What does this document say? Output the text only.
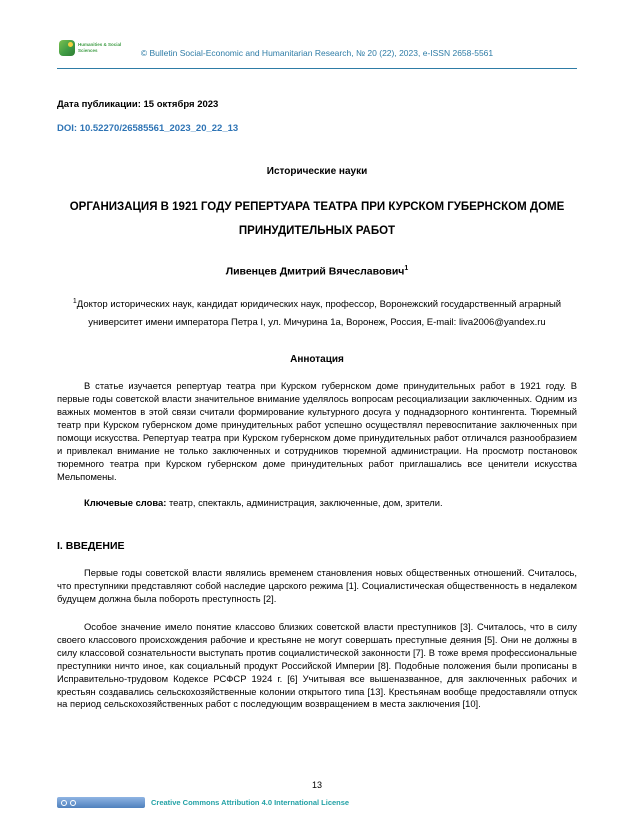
Humanities & Social
Sciences	© Bulletin Social-Economic and Humanitarian Research, № 20 (22), 2023, e-ISSN 2658-5561
Дата публикации: 15 октября 2023
DOI: 10.52270/26585561_2023_20_22_13
Исторические науки
ОРГАНИЗАЦИЯ В 1921 ГОДУ РЕПЕРТУАРА ТЕАТРА ПРИ КУРСКОМ ГУБЕРНСКОМ ДОМЕ ПРИНУДИТЕЛЬНЫХ РАБОТ
Ливенцев Дмитрий Вячеславович$^1$
$^1$Доктор исторических наук, кандидат юридических наук, профессор, Воронежский государственный аграрный университет имени императора Петра I, ул. Мичурина 1а, Воронеж, Россия, E-mail: liva2006@yandex.ru
Аннотация
В статье изучается репертуар театра при Курском губернском доме принудительных работ в 1921 году. В первые годы советской власти значительное внимание уделялось вопросам ресоциализации заключенных. Одним из важных моментов в этой связи считали формирование культурного досуга у поднадзорного контингента. Тюремный театр при Курском губернском доме принудительных работ успешно осуществлял перевоспитание заключенных при помощи искусства. Репертуар театра при Курском губернском доме принудительных работ отличался разнообразием и привлекал внимание не только заключенных и сотрудников тюремной администрации. На просмотр постановок тюремного театра при Курском губернском доме принудительных работ приглашались все ценители искусства Мельпомены.
Ключевые слова: театр, спектакль, администрация, заключенные, дом, зрители.
I. ВВЕДЕНИЕ
Первые годы советской власти являлись временем становления новых общественных отношений. Считалось, что преступники представляют собой наследие царского режима [1]. Социалистическая общественность в недалеком будущем должна была побороть преступность [2].
Особое значение имело понятие классово близких советской власти преступников [3]. Считалось, что в силу своего классового происхождения рабочие и крестьяне не могут совершать преступные деяния [5]. Они не должны в силу классовой сознательности выступать против социалистической законности [7]. В тоже время профессиональные преступники ничто иное, как социальный продукт Российской Империи [8]. Подобные положения были прописаны в Исправительно-трудовом Кодексе РСФСР 1924 г. [6] Учитывая все вышеназванное, для заключенных рабочих и крестьян создавались сельскохозяйственные колонии открытого типа [13]. Крестьянам вообще предоставляли отпуск на период сельскохозяйственных работ с последующим возвращением в места заключения [10].
13
Creative Commons Attribution 4.0 International License
